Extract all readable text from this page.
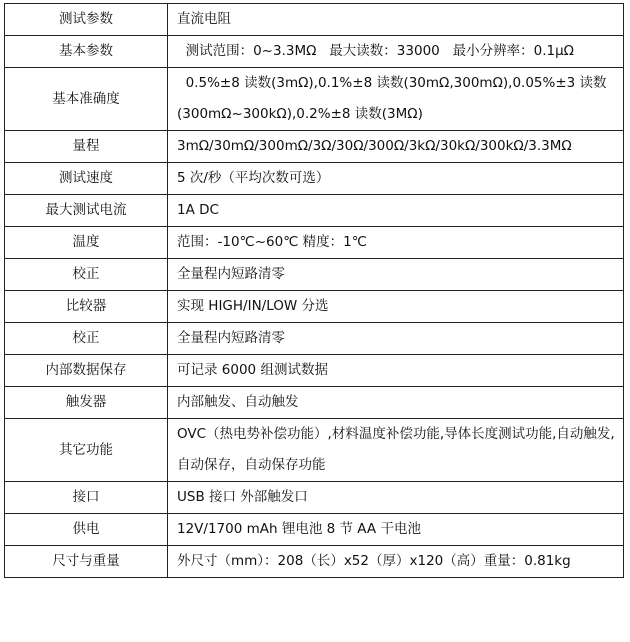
测试参数	直流电阻
基本参数	测试范围：0~3.3MΩ   最大读数：33000   最小分辨率：0.1μΩ
基本准确度	0.5%±8 读数(3mΩ),0.1%±8 读数(30mΩ,300mΩ),0.05%±3 读数(300mΩ~300kΩ),0.2%±8 读数(3MΩ)
量程	3mΩ/30mΩ/300mΩ/3Ω/30Ω/300Ω/3kΩ/30kΩ/300kΩ/3.3MΩ
测试速度	5 次/秒（平均次数可选）
最大测试电流	1A DC
温度	范围：-10℃~60℃ 精度：1℃
校正	全量程内短路清零
比较器	实现 HIGH/IN/LOW 分选
校正	全量程内短路清零
内部数据保存	可记录 6000 组测试数据
触发器	内部触发、自动触发
其它功能	OVC（热电势补偿功能）,材料温度补偿功能,导体长度测试功能,自动触发,自动保存，自动保存功能
接口	USB 接口 外部触发口
供电	12V/1700 mAh 锂电池 8 节 AA 干电池
尺寸与重量	外尺寸（mm）：208（长）x52（厚）x120（高）重量：0.81kg
